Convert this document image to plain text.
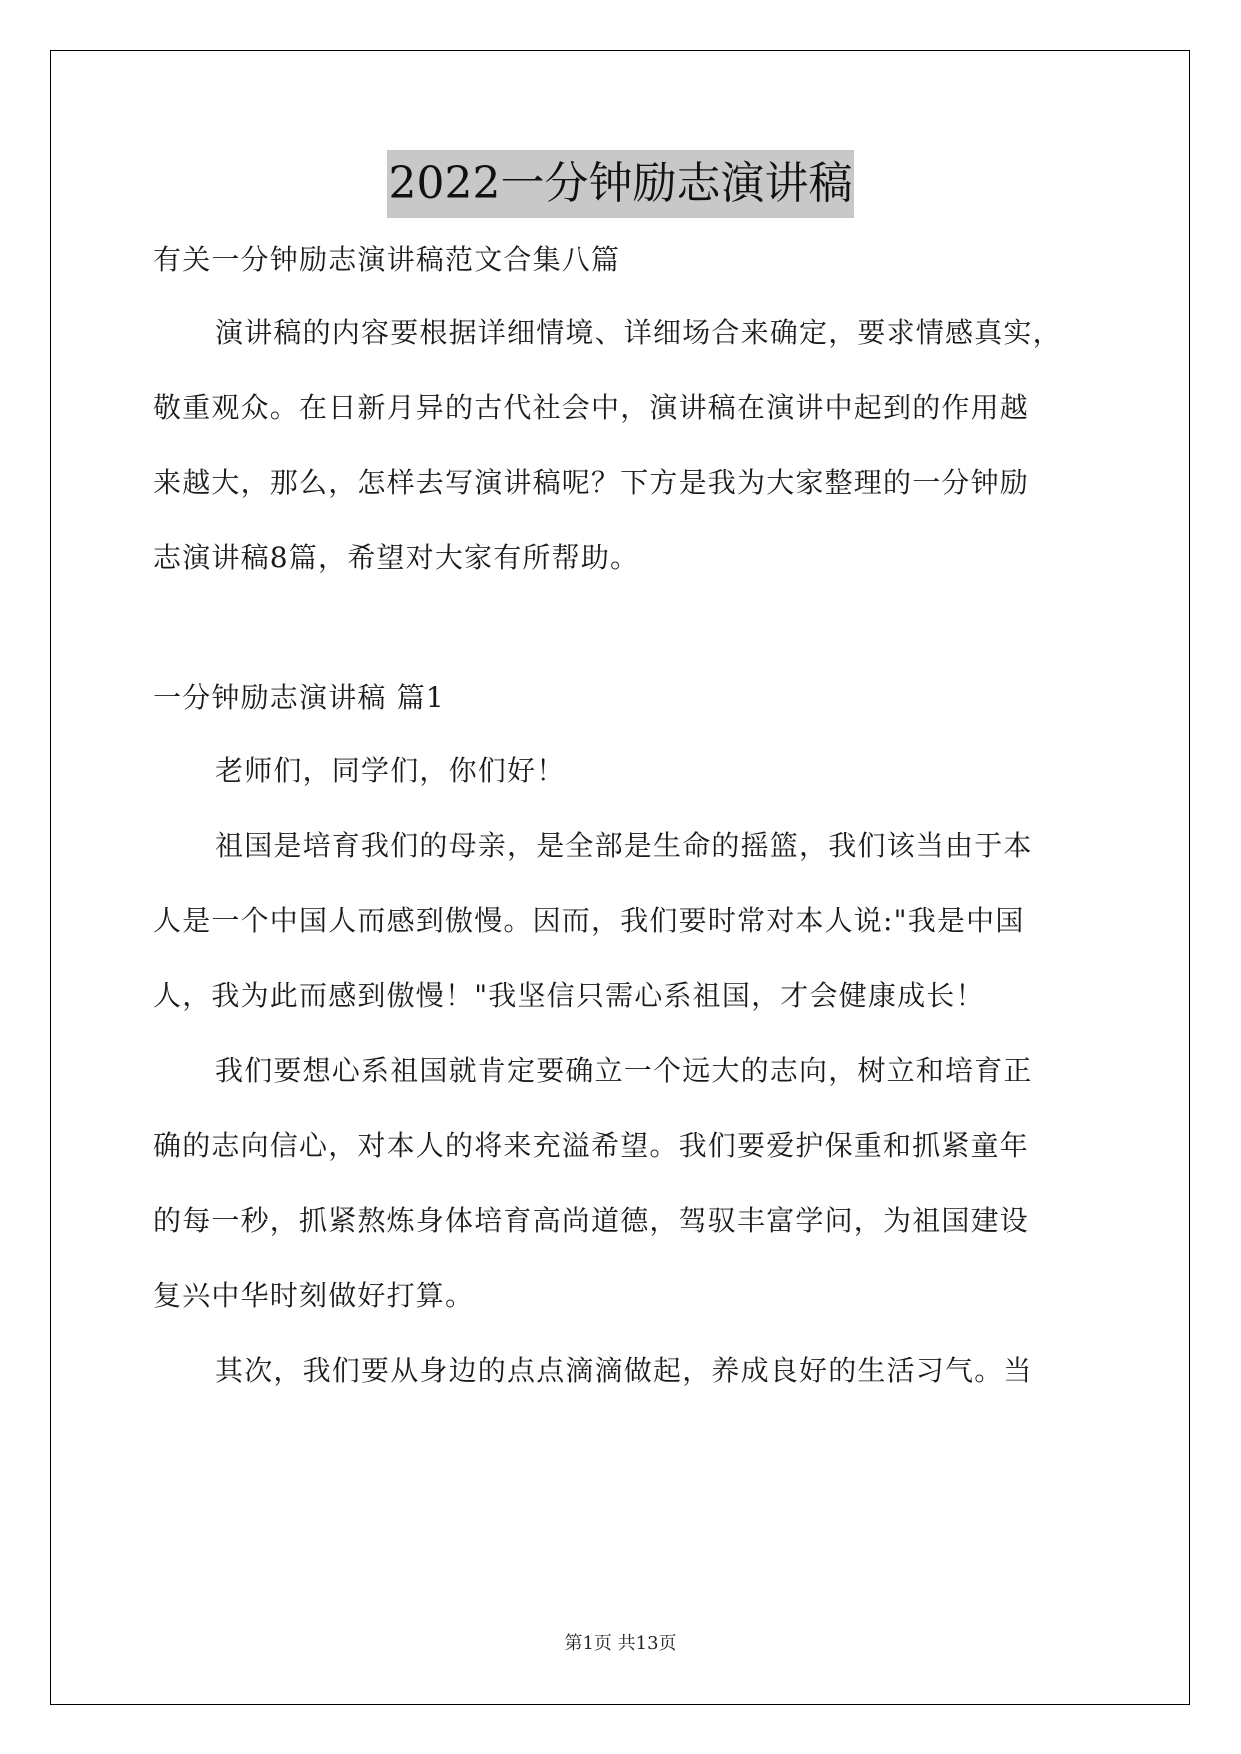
2022一分钟励志演讲稿
有关一分钟励志演讲稿范文合集八篇
演讲稿的内容要根据详细情境、详细场合来确定，要求情感真实，
敬重观众。在日新月异的古代社会中，演讲稿在演讲中起到的作用越
来越大，那么，怎样去写演讲稿呢？下方是我为大家整理的一分钟励
志演讲稿8篇，希望对大家有所帮助。
一分钟励志演讲稿 篇1
老师们，同学们，你们好！
祖国是培育我们的母亲，是全部是生命的摇篮，我们该当由于本
人是一个中国人而感到傲慢。因而，我们要时常对本人说:"我是中国
人，我为此而感到傲慢！"我坚信只需心系祖国，才会健康成长！
我们要想心系祖国就肯定要确立一个远大的志向，树立和培育正
确的志向信心，对本人的将来充溢希望。我们要爱护保重和抓紧童年
的每一秒，抓紧熬炼身体培育高尚道德，驾驭丰富学问，为祖国建设
复兴中华时刻做好打算。
其次，我们要从身边的点点滴滴做起，养成良好的生活习气。当
第1页 共13页
